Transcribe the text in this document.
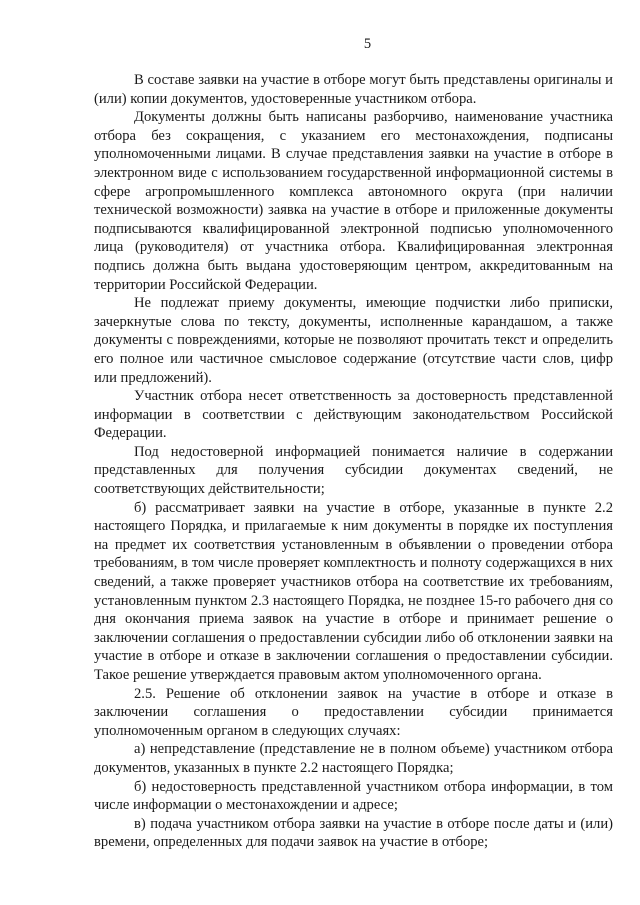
5

В составе заявки на участие в отборе могут быть представлены оригиналы и (или) копии документов, удостоверенные участником отбора.

Документы должны быть написаны разборчиво, наименование участника отбора без сокращения, с указанием его местонахождения, подписаны уполномоченными лицами. В случае представления заявки на участие в отборе в электронном виде с использованием государственной информационной системы в сфере агропромышленного комплекса автономного округа (при наличии технической возможности) заявка на участие в отборе и приложенные документы подписываются квалифицированной электронной подписью уполномоченного лица (руководителя) от участника отбора. Квалифицированная электронная подпись должна быть выдана удостоверяющим центром, аккредитованным на территории Российской Федерации.

Не подлежат приему документы, имеющие подчистки либо приписки, зачеркнутые слова по тексту, документы, исполненные карандашом, а также документы с повреждениями, которые не позволяют прочитать текст и определить его полное или частичное смысловое содержание (отсутствие части слов, цифр или предложений).

Участник отбора несет ответственность за достоверность представленной информации в соответствии с действующим законодательством Российской Федерации.

Под недостоверной информацией понимается наличие в содержании представленных для получения субсидии документах сведений, не соответствующих действительности;

б) рассматривает заявки на участие в отборе, указанные в пункте 2.2 настоящего Порядка, и прилагаемые к ним документы в порядке их поступления на предмет их соответствия установленным в объявлении о проведении отбора требованиям, в том числе проверяет комплектность и полноту содержащихся в них сведений, а также проверяет участников отбора на соответствие их требованиям, установленным пунктом 2.3 настоящего Порядка, не позднее 15-го рабочего дня со дня окончания приема заявок на участие в отборе и принимает решение о заключении соглашения о предоставлении субсидии либо об отклонении заявки на участие в отборе и отказе в заключении соглашения о предоставлении субсидии. Такое решение утверждается правовым актом уполномоченного органа.

2.5. Решение об отклонении заявок на участие в отборе и отказе в заключении соглашения о предоставлении субсидии принимается уполномоченным органом в следующих случаях:

а) непредставление (представление не в полном объеме) участником отбора документов, указанных в пункте 2.2 настоящего Порядка;

б) недостоверность представленной участником отбора информации, в том числе информации о местонахождении и адресе;

в) подача участником отбора заявки на участие в отборе после даты и (или) времени, определенных для подачи заявок на участие в отборе;
